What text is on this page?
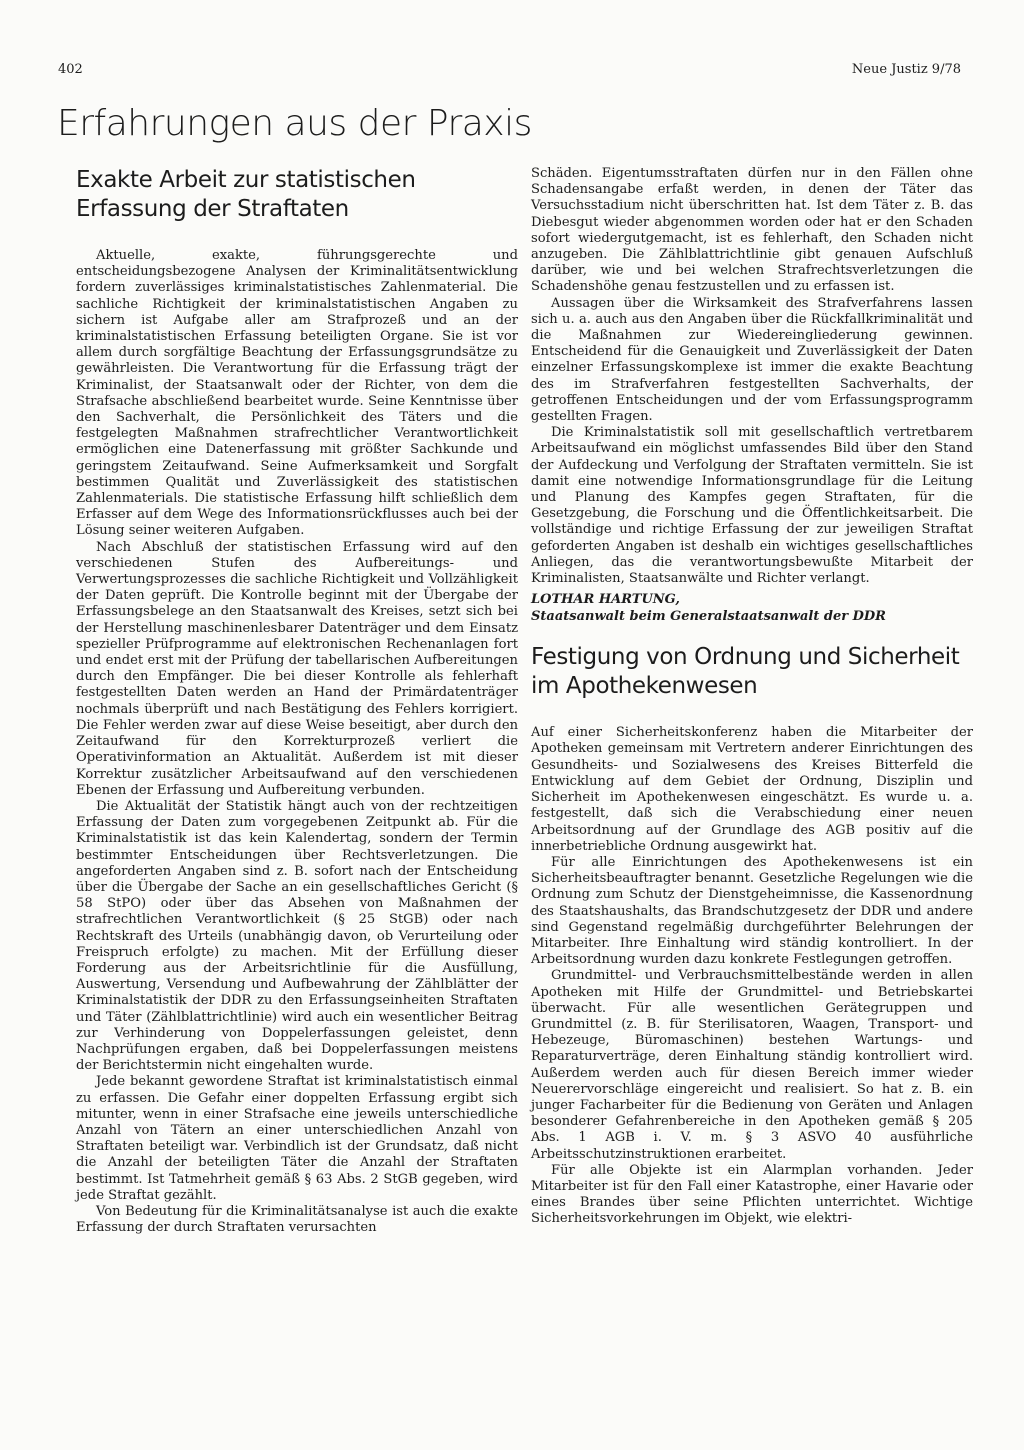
402	Neue Justiz 9/78
Erfahrungen aus der Praxis
Exakte Arbeit zur statistischen Erfassung der Straftaten

Aktuelle, exakte, führungsgerechte und entscheidungsbezogene Analysen der Kriminalitätsentwicklung fordern zuverlässiges kriminalstatistisches Zahlenmaterial. Die sachliche Richtigkeit der kriminalstatistischen Angaben zu sichern ist Aufgabe aller am Strafprozeß und an der kriminalstatistischen Erfassung beteiligten Organe. Sie ist vor allem durch sorgfältige Beachtung der Erfassungsgrundsätze zu gewährleisten. Die Verantwortung für die Erfassung trägt der Kriminalist, der Staatsanwalt oder der Richter, von dem die Strafsache abschließend bearbeitet wurde. Seine Kenntnisse über den Sachverhalt, die Persönlichkeit des Täters und die festgelegten Maßnahmen strafrechtlicher Verantwortlichkeit ermöglichen eine Datenerfassung mit größter Sachkunde und geringstem Zeitaufwand. Seine Aufmerksamkeit und Sorgfalt bestimmen Qualität und Zuverlässigkeit des statistischen Zahlenmaterials. Die statistische Erfassung hilft schließlich dem Erfasser auf dem Wege des Informationsrückflusses auch bei der Lösung seiner weiteren Aufgaben.

Nach Abschluß der statistischen Erfassung wird auf den verschiedenen Stufen des Aufbereitungs- und Verwertungsprozesses die sachliche Richtigkeit und Vollzähligkeit der Daten geprüft. Die Kontrolle beginnt mit der Übergabe der Erfassungsbelege an den Staatsanwalt des Kreises, setzt sich bei der Herstellung maschinenlesbarer Datenträger und dem Einsatz spezieller Prüfprogramme auf elektronischen Rechenanlagen fort und endet erst mit der Prüfung der tabellarischen Aufbereitungen durch den Empfänger. Die bei dieser Kontrolle als fehlerhaft festgestellten Daten werden an Hand der Primärdatenträger nochmals überprüft und nach Bestätigung des Fehlers korrigiert. Die Fehler werden zwar auf diese Weise beseitigt, aber durch den Zeitaufwand für den Korrekturprozeß verliert die Operativinformation an Aktualität. Außerdem ist mit dieser Korrektur zusätzlicher Arbeitsaufwand auf den verschiedenen Ebenen der Erfassung und Aufbereitung verbunden.

Die Aktualität der Statistik hängt auch von der rechtzeitigen Erfassung der Daten zum vorgegebenen Zeitpunkt ab. Für die Kriminalstatistik ist das kein Kalendertag, sondern der Termin bestimmter Entscheidungen über Rechtsverletzungen. Die angeforderten Angaben sind z. B. sofort nach der Entscheidung über die Übergabe der Sache an ein gesellschaftliches Gericht (§ 58 StPO) oder über das Absehen von Maßnahmen der strafrechtlichen Verantwortlichkeit (§ 25 StGB) oder nach Rechtskraft des Urteils (unabhängig davon, ob Verurteilung oder Freispruch erfolgte) zu machen. Mit der Erfüllung dieser Forderung aus der Arbeitsrichtlinie für die Ausfüllung, Auswertung, Versendung und Aufbewahrung der Zählblätter der Kriminalstatistik der DDR zu den Erfassungseinheiten Straftaten und Täter (Zählblattrichtlinie) wird auch ein wesentlicher Beitrag zur Verhinderung von Doppelerfassungen geleistet, denn Nachprüfungen ergaben, daß bei Doppelerfassungen meistens der Berichtstermin nicht eingehalten wurde.

Jede bekannt gewordene Straftat ist kriminalstatistisch einmal zu erfassen. Die Gefahr einer doppelten Erfassung ergibt sich mitunter, wenn in einer Strafsache eine jeweils unterschiedliche Anzahl von Tätern an einer unterschiedlichen Anzahl von Straftaten beteiligt war. Verbindlich ist der Grundsatz, daß nicht die Anzahl der beteiligten Täter die Anzahl der Straftaten bestimmt. Ist Tatmehrheit gemäß § 63 Abs. 2 StGB gegeben, wird jede Straftat gezählt.

Von Bedeutung für die Kriminalitätsanalyse ist auch die exakte Erfassung der durch Straftaten verursachten

Schäden. Eigentumsstraftaten dürfen nur in den Fällen ohne Schadensangabe erfaßt werden, in denen der Täter das Versuchsstadium nicht überschritten hat. Ist dem Täter z. B. das Diebesgut wieder abgenommen worden oder hat er den Schaden sofort wiedergutgemacht, ist es fehlerhaft, den Schaden nicht anzugeben. Die Zählblattrichtlinie gibt genauen Aufschluß darüber, wie und bei welchen Strafrechtsverletzungen die Schadenshöhe genau festzustellen und zu erfassen ist.

Aussagen über die Wirksamkeit des Strafverfahrens lassen sich u. a. auch aus den Angaben über die Rückfallkriminalität und die Maßnahmen zur Wiedereingliederung gewinnen. Entscheidend für die Genauigkeit und Zuverlässigkeit der Daten einzelner Erfassungskomplexe ist immer die exakte Beachtung des im Strafverfahren festgestellten Sachverhalts, der getroffenen Entscheidungen und der vom Erfassungsprogramm gestellten Fragen.

Die Kriminalstatistik soll mit gesellschaftlich vertretbarem Arbeitsaufwand ein möglichst umfassendes Bild über den Stand der Aufdeckung und Verfolgung der Straftaten vermitteln. Sie ist damit eine notwendige Informationsgrundlage für die Leitung und Planung des Kampfes gegen Straftaten, für die Gesetzgebung, die Forschung und die Öffentlichkeitsarbeit. Die vollständige und richtige Erfassung der zur jeweiligen Straftat geforderten Angaben ist deshalb ein wichtiges gesellschaftliches Anliegen, das die verantwortungsbewußte Mitarbeit der Kriminalisten, Staatsanwälte und Richter verlangt.

LOTHAR HARTUNG,
Staatsanwalt beim Generalstaatsanwalt der DDR
Festigung von Ordnung und Sicherheit im Apothekenwesen

Auf einer Sicherheitskonferenz haben die Mitarbeiter der Apotheken gemeinsam mit Vertretern anderer Einrichtungen des Gesundheits- und Sozialwesens des Kreises Bitterfeld die Entwicklung auf dem Gebiet der Ordnung, Disziplin und Sicherheit im Apothekenwesen eingeschätzt. Es wurde u. a. festgestellt, daß sich die Verabschiedung einer neuen Arbeitsordnung auf der Grundlage des AGB positiv auf die innerbetriebliche Ordnung ausgewirkt hat.

Für alle Einrichtungen des Apothekenwesens ist ein Sicherheitsbeauftragter benannt. Gesetzliche Regelungen wie die Ordnung zum Schutz der Dienstgeheimnisse, die Kassenordnung des Staatshaushalts, das Brandschutzgesetz der DDR und andere sind Gegenstand regelmäßig durchgeführter Belehrungen der Mitarbeiter. Ihre Einhaltung wird ständig kontrolliert. In der Arbeitsordnung wurden dazu konkrete Festlegungen getroffen.

Grundmittel- und Verbrauchsmittelbestände werden in allen Apotheken mit Hilfe der Grundmittel- und Betriebskartei überwacht. Für alle wesentlichen Gerätegruppen und Grundmittel (z. B. für Sterilisatoren, Waagen, Transport- und Hebezeuge, Büromaschinen) bestehen Wartungs- und Reparaturverträge, deren Einhaltung ständig kontrolliert wird. Außerdem werden auch für diesen Bereich immer wieder Neuerervorschläge eingereicht und realisiert. So hat z. B. ein junger Facharbeiter für die Bedienung von Geräten und Anlagen besonderer Gefahrenbereiche in den Apotheken gemäß § 205 Abs. 1 AGB i. V. m. § 3 ASVO 40 ausführliche Arbeitsschutzinstruktionen erarbeitet.

Für alle Objekte ist ein Alarmplan vorhanden. Jeder Mitarbeiter ist für den Fall einer Katastrophe, einer Havarie oder eines Brandes über seine Pflichten unterrichtet. Wichtige Sicherheitsvorkehrungen im Objekt, wie elektri-
